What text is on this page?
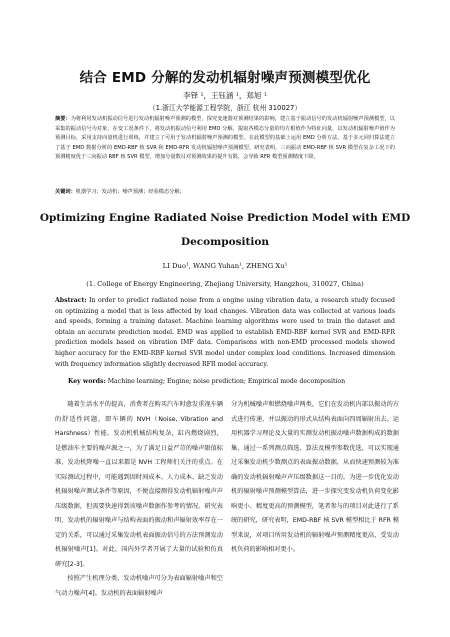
结合 EMD 分解的发动机辐射噪声预测模型优化
李铎 ¹，王钰涵 ¹，郑旭 ¹
（1.浙江大学能源工程学院，浙江 杭州 310027）
摘要：为将利用发动机振动信号进行发动机辐射噪声预测的模型，探究变速器对预测结果的影响，建立基于振动信号的发动机辐射噪声预测模型，以采集的振动信号为对象，在变工况条件下，将发动机振动信号利用 EMD 分解，提取各模态分量的均方根值作为特征向量，以发动机辐射噪声值作为预测目标，采用支持向量机进行训练，并建立了可用于发动机辐射噪声预测的模型。在此模型的基础上运用 EMD 分析方法，基于多元回归算法建立了基于 EMD 数据分析的 EMD-RBF 核 SVR 和 EMD-RFR 发动机辐射噪声预测模型。研究表明，三向振动 EMD-RBF 核 SVR 模型在复杂工况下的预测精度优于三向振动 RBF 核 SVR 模型，增加分量数目对预测效果的提升有限，会导致 RFR 模型预测精度下降。
关键词：机器学习；发动机；噪声预测；经验模态分解；
Optimizing Engine Radiated Noise Prediction Model with EMD
Decomposition
LI Duo¹, WANG Yuhan¹, ZHENG Xu¹
(1. College of Energy Engineering, Zhejiang University, Hangzhou, 310027, China)
Abstract: In order to predict radiated noise from a engine using vibration data, a research study focused on optimizing a model that is less affected by load changes. Vibration data was collected at various loads and speeds, forming a training dataset. Machine learning algorithms were used to train the dataset and obtain an accurate prediction model. EMD was applied to establish EMD-RBF kernel SVR and EMD-RFR prediction models based on vibration IMF data. Comparisons with non-EMD processed models showed higher accuracy for the EMD-RBF kernel SVR model under complex load conditions. Increased dimension with frequency information slightly decreased RFR model accuracy.
Key words: Machine learning; Engine; noise prediction; Empirical mode decomposition

随着生活水平的提高，消费者在购买汽车时愈发重视车辆的舒适性问题，即车辆的 NVH（Noise, Vibration and Harshness）性能。发动机机械结构复杂，缸内燃烧剧烈，是燃油车主要的噪声源之一，为了满足日益严苛的噪声限值标准，发动机降噪一直以来都是 NVH 工程师们关注的重点。在实际测试过程中，可能遇到因时间成本、人力成本、缺乏发动机辐射噪声测试条件等原因，不便直接测得发动机辐射噪声声压级数据，但需要快速得到该噪声数据作参考的情况。研究表明，发动机的辐射噪声与结构表面的振动和声辐射效率存在一定的关系，可以通过采集发动机表面振动信号的方法预测发动机辐射噪声[1]。对此，国内外学者开展了大量的试验和仿真研究[2-3]。

按照产生机理分类，发动机噪声可分为表面辐射噪声和空气动力噪声[4]。发动机的表面辐射噪声

分为机械噪声和燃烧噪声两类，它们在发动机内部以振动的方式进行传递，并以振动的形式从结构表面向四周辐射出去。运用机器学习理论及大量的实测发动机振动噪声数据构成的数据集，通过一系列测点筛选、算法及模型参数优选，可以实现通过采集发动机少数测点的表面振动数据，从而快速预测较为准确的发动机辐射噪声声压级数据这一目的。为进一步优化发动机的辐射噪声预测模型算法，进一步探究变发动机负荷变化影响更小、精度更高的预测模型，笔者参与的项目对此进行了系统的研究，研究表明，EMD-RBF 核 SVR 模型相比于 RFR 模型来说，对项目所用发动机的辐射噪声预测精度更高，受发动机负荷的影响相对更小。
